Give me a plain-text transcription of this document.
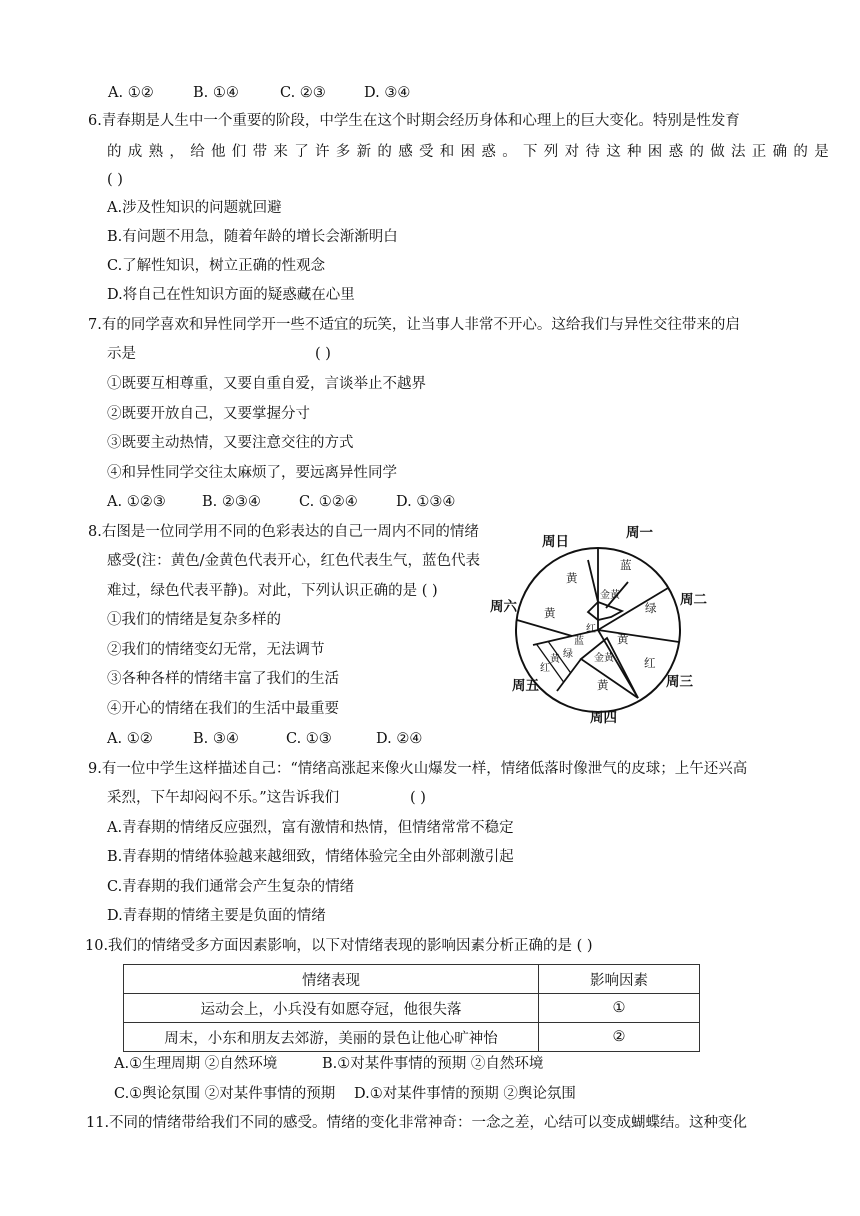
A. ①②	B. ①④	C. ②③	D. ③④
6.青春期是人生中一个重要的阶段，中学生在这个时期会经历身体和心理上的巨大变化。特别是性发育
的成熟，给他们带来了许多新的感受和困惑。下列对待这种困惑的做法正确的是
( )
A.涉及性知识的问题就回避
B.有问题不用急，随着年龄的增长会渐渐明白
C.了解性知识，树立正确的性观念
D.将自己在性知识方面的疑惑藏在心里
7.有的同学喜欢和异性同学开一些不适宜的玩笑，让当事人非常不开心。这给我们与异性交往带来的启
示是	( )
①既要互相尊重，又要自重自爱，言谈举止不越界
②既要开放自己，又要掌握分寸
③既要主动热情，又要注意交往的方式
④和异性同学交往太麻烦了，要远离异性同学
A. ①②③	B. ②③④	C. ①②④	D. ①③④
8.右图是一位同学用不同的色彩表达的自己一周内不同的情绪
感受(注：黄色/金黄色代表开心，红色代表生气，蓝色代表
难过，绿色代表平静)。对此，下列认识正确的是 ( )
①我们的情绪是复杂多样的
②我们的情绪变幻无常，无法调节
③各种各样的情绪丰富了我们的生活
④开心的情绪在我们的生活中最重要
A. ①②	B. ③④	C. ①③	D. ②④
黄
蓝
金黄
绿
黄
红
黄
金黄
黄
红
蓝
绿
黄
红
周日
周一
周二
周三
周四
周五
周六
9.有一位中学生这样描述自己：“情绪高涨起来像火山爆发一样，情绪低落时像泄气的皮球；上午还兴高
采烈，下午却闷闷不乐。”这告诉我们	( )
A.青春期的情绪反应强烈，富有激情和热情，但情绪常常不稳定
B.青春期的情绪体验越来越细致，情绪体验完全由外部刺激引起
C.青春期的我们通常会产生复杂的情绪
D.青春期的情绪主要是负面的情绪
10.我们的情绪受多方面因素影响，以下对情绪表现的影响因素分析正确的是 ( )
情绪表现	影响因素
运动会上，小兵没有如愿夺冠，他很失落	①
周末，小东和朋友去郊游，美丽的景色让他心旷神怡	②
A.①生理周期 ②自然环境	B.①对某件事情的预期 ②自然环境
C.①舆论氛围 ②对某件事情的预期 D.①对某件事情的预期 ②舆论氛围
11.不同的情绪带给我们不同的感受。情绪的变化非常神奇：一念之差，心结可以变成蝴蝶结。这种变化
